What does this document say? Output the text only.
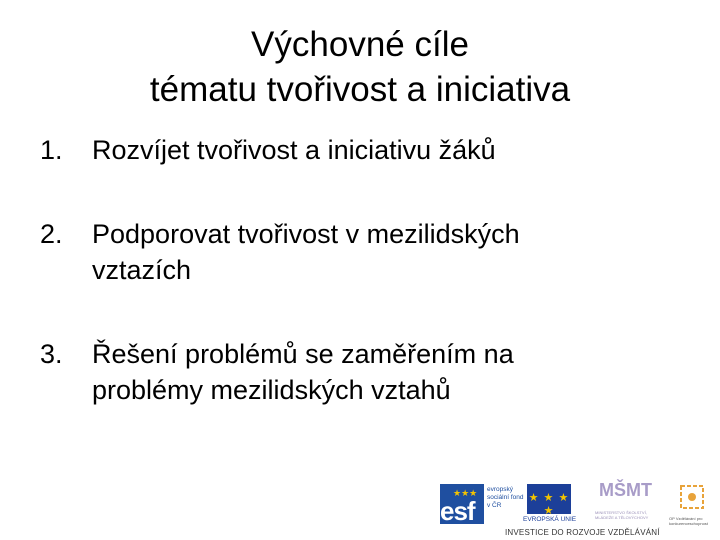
Výchovné cíle
tématu tvořivost a iniciativa
1. Rozvíjet tvořivost a iniciativu žáků
2. Podporovat tvořivost v mezilidských
vztazích
3. Řešení problémů se zaměřením na
problémy mezilidských vztahů
★★★
esf
evropský sociální fond v ČR
★ ★ ★ ★
EVROPSKÁ UNIE
MŠMT
MINISTERSTVO ŠKOLSTVÍ, MLÁDEŽE A TĚLOVÝCHOVY	OP Vzdělávání pro konkurenceschopnost
INVESTICE DO ROZVOJE VZDĚLÁVÁNÍ
